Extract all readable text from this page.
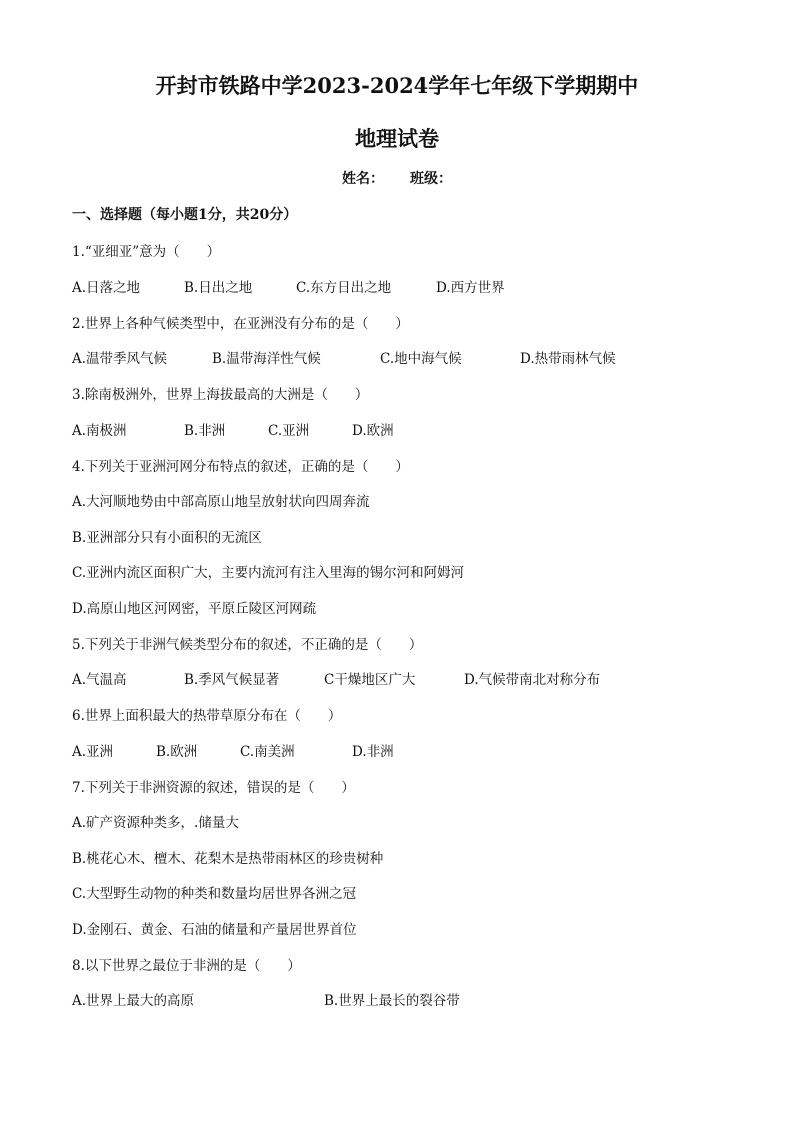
开封市铁路中学2023-2024学年七年级下学期期中
地理试卷
姓名： 班级：
一、选择题（每小题1分，共20分）
1.“亚细亚”意为（　　）
A.日落之地	B.日出之地	C.东方日出之地	D.西方世界
2.世界上各种气候类型中，在亚洲没有分布的是（　　）
A.温带季风气候	B.温带海洋性气候	C.地中海气候	D.热带雨林气候
3.除南极洲外，世界上海拔最高的大洲是（　　）
A.南极洲	B.非洲	C.亚洲	D.欧洲
4.下列关于亚洲河网分布特点的叙述，正确的是（　　）
A.大河顺地势由中部高原山地呈放射状向四周奔流
B.亚洲部分只有小面积的无流区
C.亚洲内流区面积广大，主要内流河有注入里海的锡尔河和阿姆河
D.高原山地区河网密，平原丘陵区河网疏
5.下列关于非洲气候类型分布的叙述，不正确的是（　　）
A.气温高	B.季风气候显著	C干燥地区广大	D.气候带南北对称分布
6.世界上面积最大的热带草原分布在（　　）
A.亚洲	B.欧洲	C.南美洲	D.非洲
7.下列关于非洲资源的叙述，错误的是（　　）
A.矿产资源种类多，.储量大
B.桃花心木、檀木、花梨木是热带雨林区的珍贵树种
C.大型野生动物的种类和数量均居世界各洲之冠
D.金刚石、黄金、石油的储量和产量居世界首位
8.以下世界之最位于非洲的是（　　）
A.世界上最大的高原	B.世界上最长的裂谷带
